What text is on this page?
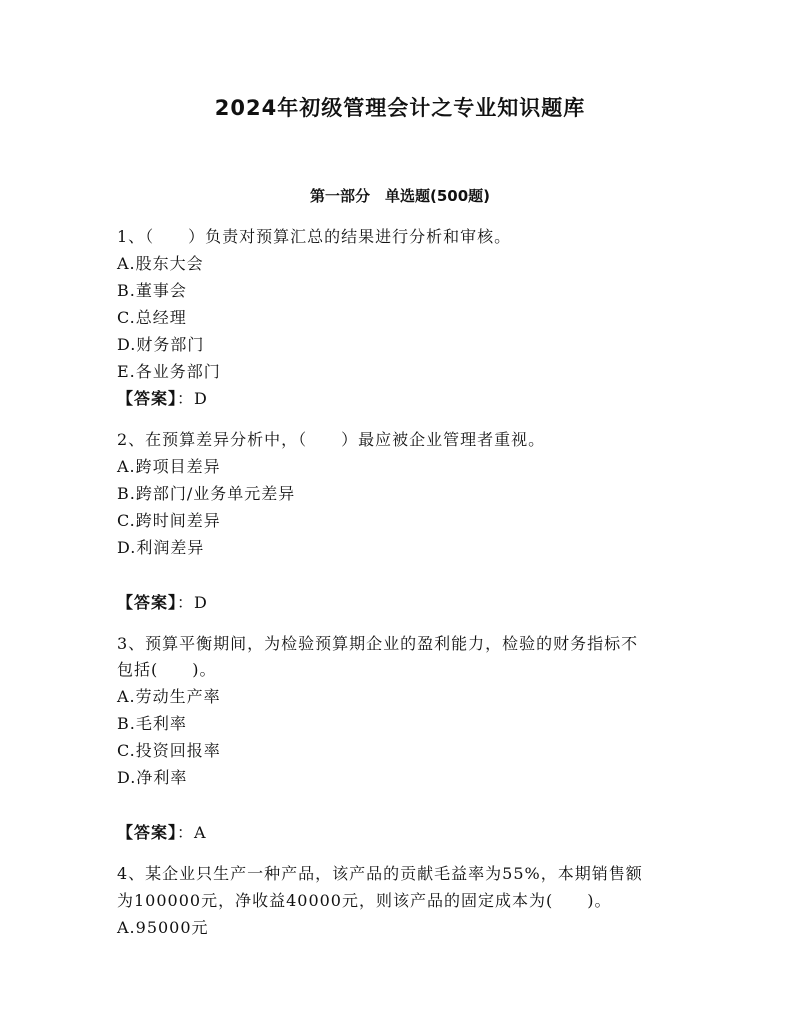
2024年初级管理会计之专业知识题库
第一部分　单选题(500题)
1、（　　）负责对预算汇总的结果进行分析和审核。
A.股东大会
B.董事会
C.总经理
D.财务部门
E.各业务部门
【答案】：D
2、在预算差异分析中，（　　）最应被企业管理者重视。
A.跨项目差异
B.跨部门/业务单元差异
C.跨时间差异
D.利润差异
【答案】：D
3、预算平衡期间，为检验预算期企业的盈利能力，检验的财务指标不
包括(　　)。
A.劳动生产率
B.毛利率
C.投资回报率
D.净利率
【答案】：A
4、某企业只生产一种产品，该产品的贡献毛益率为55%，本期销售额
为100000元，净收益40000元，则该产品的固定成本为(　　)。
A.95000元
